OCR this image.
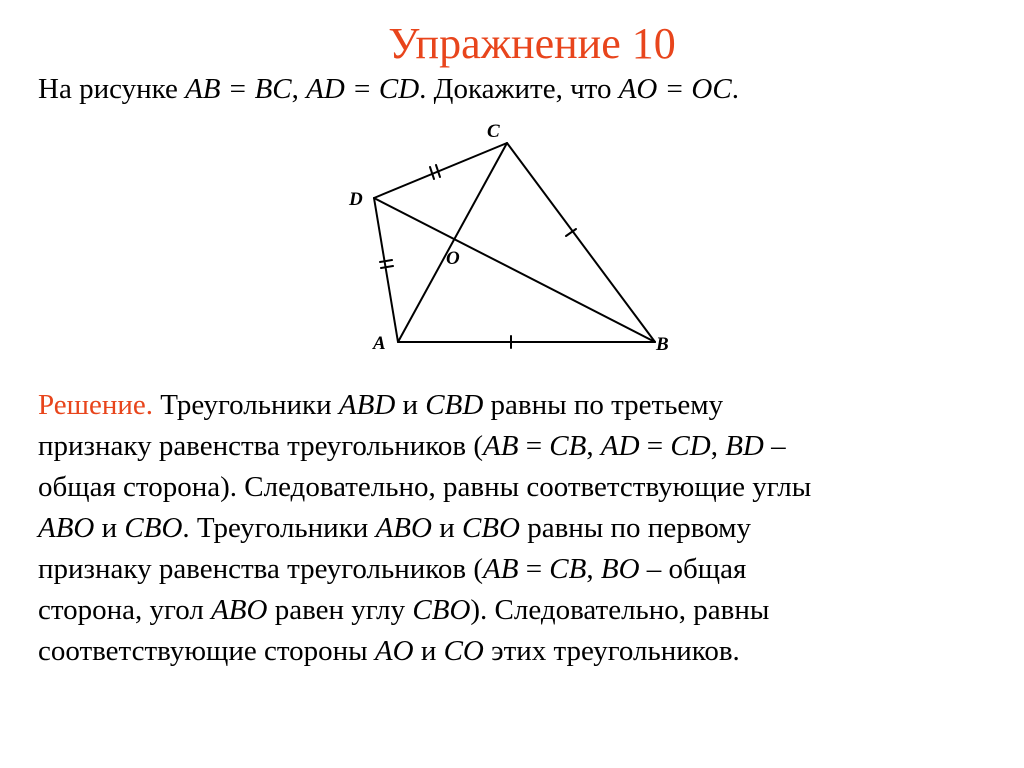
Упражнение 10
На рисунке AB = BC, AD = CD. Докажите, что AO = OC.
A	B
C
D
O
Решение. Треугольники ABD и CBD равны по третьему
признаку равенства треугольников (AB = CB, AD = CD, BD –
общая сторона). Следовательно, равны соответствующие углы
ABO и CBO. Треугольники ABO и CBO равны по первому
признаку равенства треугольников (AB = CB, BO – общая
сторона, угол ABO равен углу CBO). Следовательно, равны
соответствующие стороны AO и CO этих треугольников.
